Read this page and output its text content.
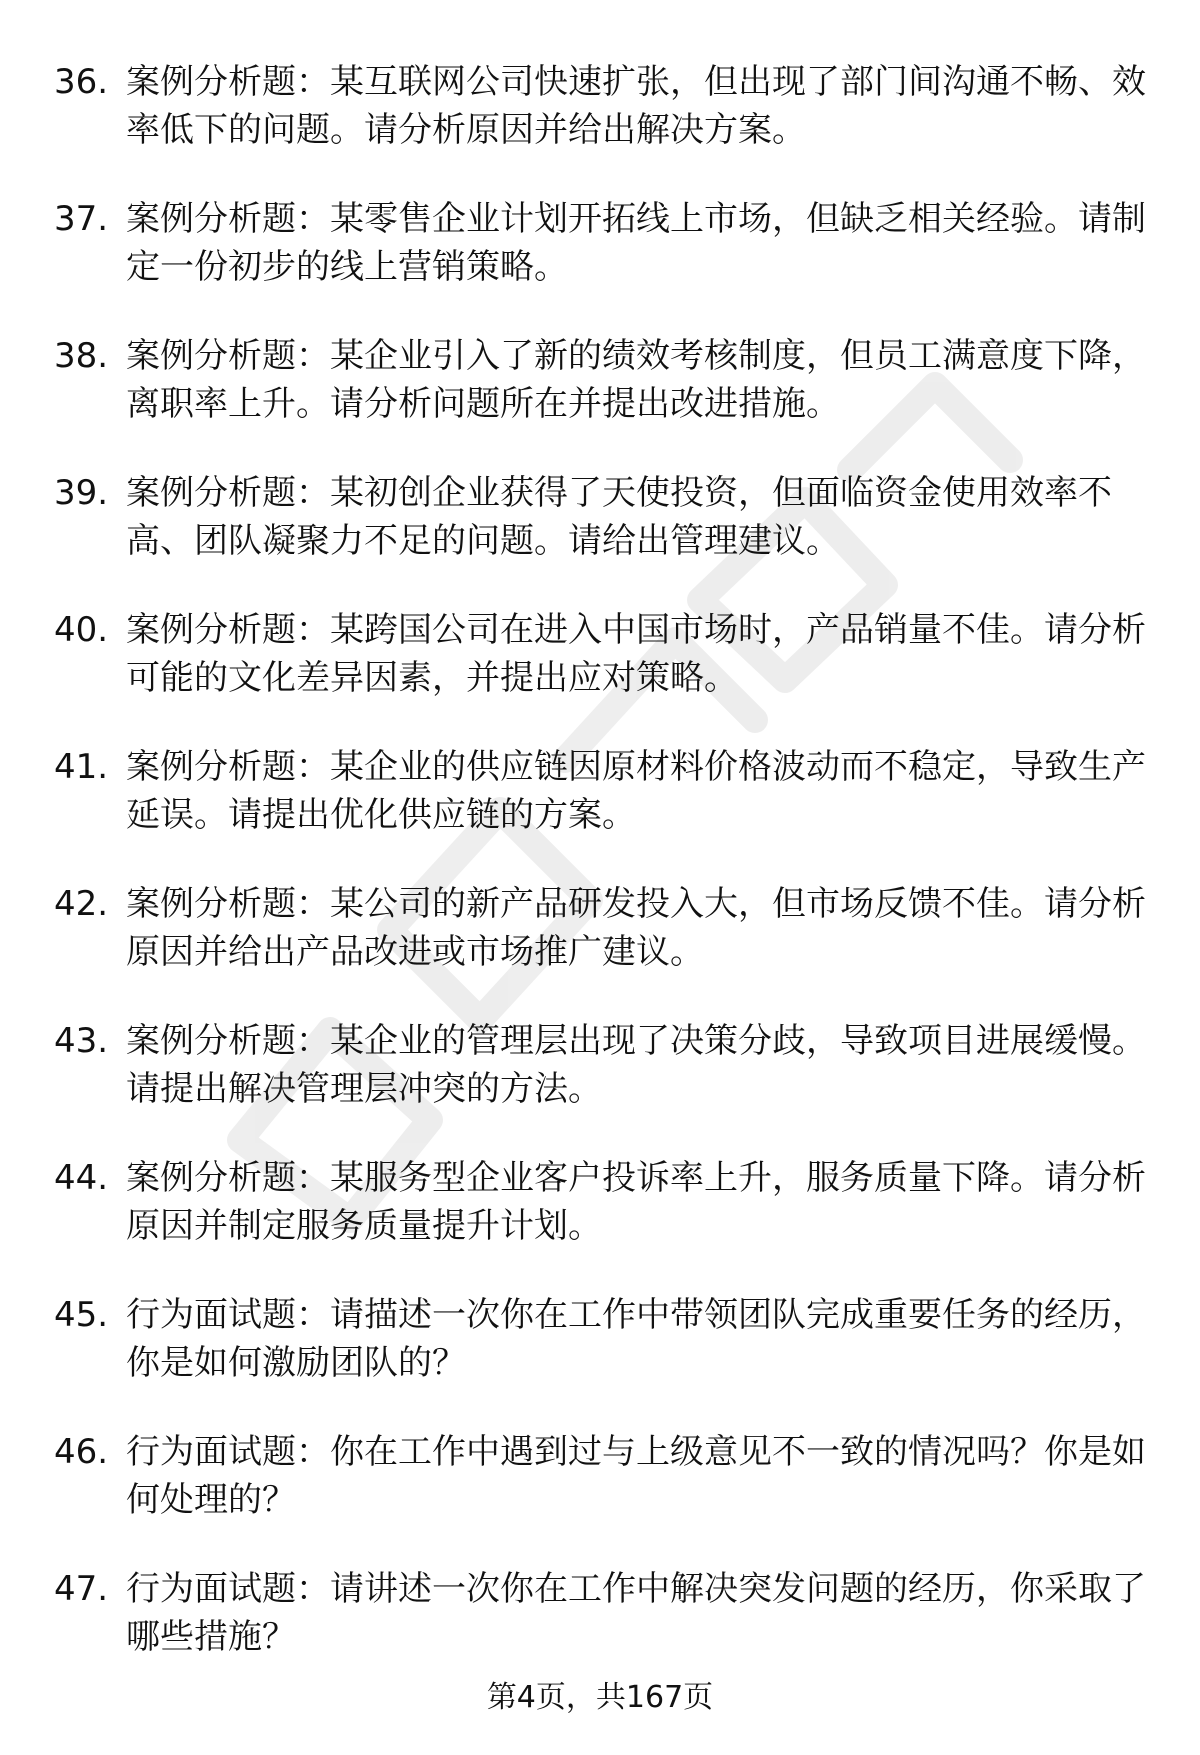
36. 案例分析题：某互联网公司快速扩张，但出现了部门间沟通不畅、效率低下的问题。请分析原因并给出解决方案。
37. 案例分析题：某零售企业计划开拓线上市场，但缺乏相关经验。请制定一份初步的线上营销策略。
38. 案例分析题：某企业引入了新的绩效考核制度，但员工满意度下降，离职率上升。请分析问题所在并提出改进措施。
39. 案例分析题：某初创企业获得了天使投资，但面临资金使用效率不高、团队凝聚力不足的问题。请给出管理建议。
40. 案例分析题：某跨国公司在进入中国市场时，产品销量不佳。请分析可能的文化差异因素，并提出应对策略。
41. 案例分析题：某企业的供应链因原材料价格波动而不稳定，导致生产延误。请提出优化供应链的方案。
42. 案例分析题：某公司的新产品研发投入大，但市场反馈不佳。请分析原因并给出产品改进或市场推广建议。
43. 案例分析题：某企业的管理层出现了决策分歧，导致项目进展缓慢。请提出解决管理层冲突的方法。
44. 案例分析题：某服务型企业客户投诉率上升，服务质量下降。请分析原因并制定服务质量提升计划。
45. 行为面试题：请描述一次你在工作中带领团队完成重要任务的经历，你是如何激励团队的？
46. 行为面试题：你在工作中遇到过与上级意见不一致的情况吗？你是如何处理的？
47. 行为面试题：请讲述一次你在工作中解决突发问题的经历，你采取了哪些措施？
第4页，共167页
